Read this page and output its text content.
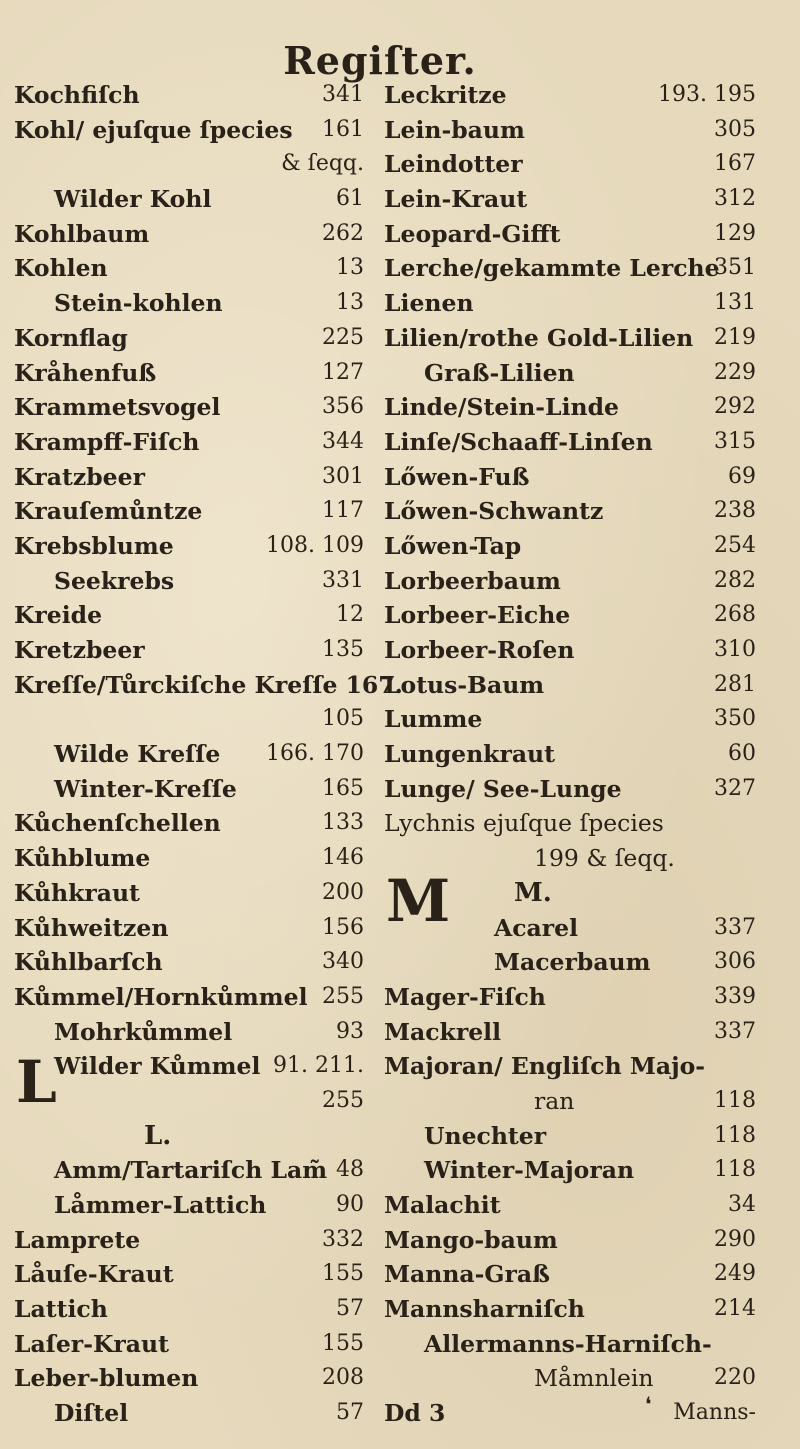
Regiſter.
L
M
Kochfiſch	341
Kohl/ ejuſque ſpecies 161
& ſeqq.
Wilder Kohl	61
Kohlbaum	262
Kohlen	13
Stein-kohlen	13
Kornflag	225
Kråhenfuß	127
Krammetsvogel	356
Krampff-Fiſch	344
Kratzbeer	301
Krauſemůntze	117
Krebsblume	108. 109
Seekrebs	331
Kreide	12
Kretzbeer	135
Kreſſe/Tůrckiſche Kreſſe 167.
105
Wilde Kreſſe 166. 170
Winter-Kreſſe	165
Kůchenſchellen	133
Kůhblume	146
Kůhkraut	200
Kůhweitzen	156
Kůhlbarſch	340
Kůmmel/Hornkůmmel 255
Mohrkůmmel	93
Wilder Kůmmel 91. 211.
255
L.
Amm/Tartariſch Lam̃ 48
Låmmer-Lattich	90
Lamprete	332
Låuſe-Kraut	155
Lattich	57
Laſer-Kraut	155
Leber-blumen	208
Diſtel	57
Leckritze	193. 195
Lein-baum	305
Leindotter	167
Lein-Kraut	312
Leopard-Gifft	129
Lerche/gekammte Lerche
351
Lienen	131
Lilien/rothe Gold-Lilien 219
Graß-Lilien	229
Linde/Stein-Linde	292
Linſe/Schaaff-Linſen	315
Lőwen-Fuß	69
Lőwen-Schwantz	238
Lőwen-Tap	254
Lorbeerbaum	282
Lorbeer-Eiche	268
Lorbeer-Roſen	310
Lotus-Baum	281
Lumme	350
Lungenkraut	60
Lunge/ See-Lunge	327
Lychnis ejuſque ſpecies
199 & ſeqq.
M.
Acarel	337
Macerbaum	306
Mager-Fiſch	339
Mackrell	337
Majoran/ Engliſch Majo-
ran	118
Unechter	118
Winter-Majoran	118
Malachit	34
Mango-baum	290
Manna-Graß	249
Mannsharniſch	214
Allermanns-Harniſch-
Måmnlein	220
Dd 3	Manns-
❛
